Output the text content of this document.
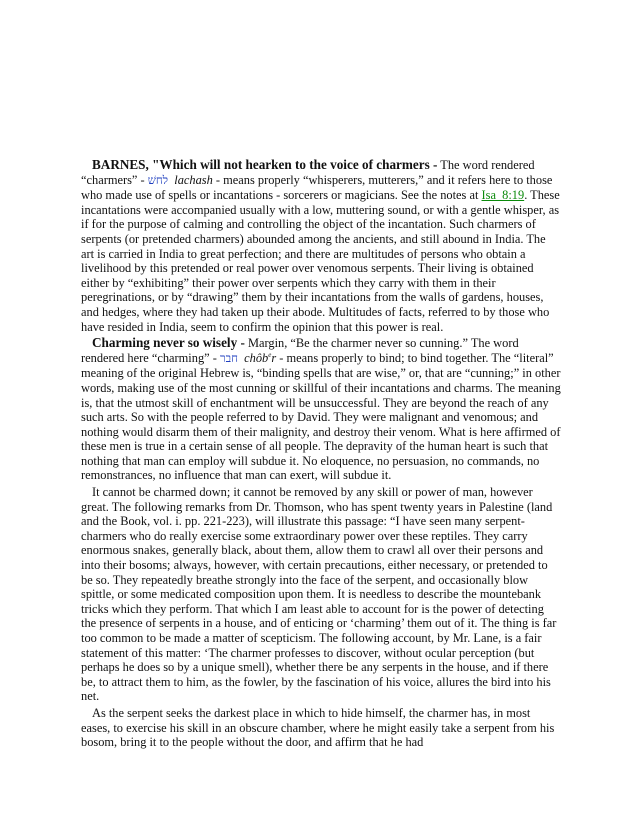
BARNES, "Which will not hearken to the voice of charmers - The word rendered “charmers” - לחשׁ lachash - means properly “whisperers, mutterers,” and it refers here to those who made use of spells or incantations - sorcerers or magicians. See the notes at Isa_8:19. These incantations were accompanied usually with a low, muttering sound, or with a gentle whisper, as if for the purpose of calming and controlling the object of the incantation. Such charmers of serpents (or pretended charmers) abounded among the ancients, and still abound in India. The art is carried in India to great perfection; and there are multitudes of persons who obtain a livelihood by this pretended or real power over venomous serpents. Their living is obtained either by “exhibiting” their power over serpents which they carry with them in their peregrinations, or by “drawing” them by their incantations from the walls of gardens, houses, and hedges, where they had taken up their abode. Multitudes of facts, referred to by those who have resided in India, seem to confirm the opinion that this power is real.

Charming never so wisely - Margin, “Be the charmer never so cunning.” The word rendered here “charming” - חבר chôb$^e$r - means properly to bind; to bind together. The “literal” meaning of the original Hebrew is, “binding spells that are wise,” or, that are “cunning;” in other words, making use of the most cunning or skillful of their incantations and charms. The meaning is, that the utmost skill of enchantment will be unsuccessful. They are beyond the reach of any such arts. So with the people referred to by David. They were malignant and venomous; and nothing would disarm them of their malignity, and destroy their venom. What is here affirmed of these men is true in a certain sense of all people. The depravity of the human heart is such that nothing that man can employ will subdue it. No eloquence, no persuasion, no commands, no remonstrances, no influence that man can exert, will subdue it.

It cannot be charmed down; it cannot be removed by any skill or power of man, however great. The following remarks from Dr. Thomson, who has spent twenty years in Palestine (land and the Book, vol. i. pp. 221-223), will illustrate this passage: “I have seen many serpent-charmers who do really exercise some extraordinary power over these reptiles. They carry enormous snakes, generally black, about them, allow them to crawl all over their persons and into their bosoms; always, however, with certain precautions, either necessary, or pretended to be so. They repeatedly breathe strongly into the face of the serpent, and occasionally blow spittle, or some medicated composition upon them. It is needless to describe the mountebank tricks which they perform. That which I am least able to account for is the power of detecting the presence of serpents in a house, and of enticing or ‘charming’ them out of it. The thing is far too common to be made a matter of scepticism. The following account, by Mr. Lane, is a fair statement of this matter: ‘The charmer professes to discover, without ocular perception (but perhaps he does so by a unique smell), whether there be any serpents in the house, and if there be, to attract them to him, as the fowler, by the fascination of his voice, allures the bird into his net.

As the serpent seeks the darkest place in which to hide himself, the charmer has, in most eases, to exercise his skill in an obscure chamber, where he might easily take a serpent from his bosom, bring it to the people without the door, and affirm that he had
